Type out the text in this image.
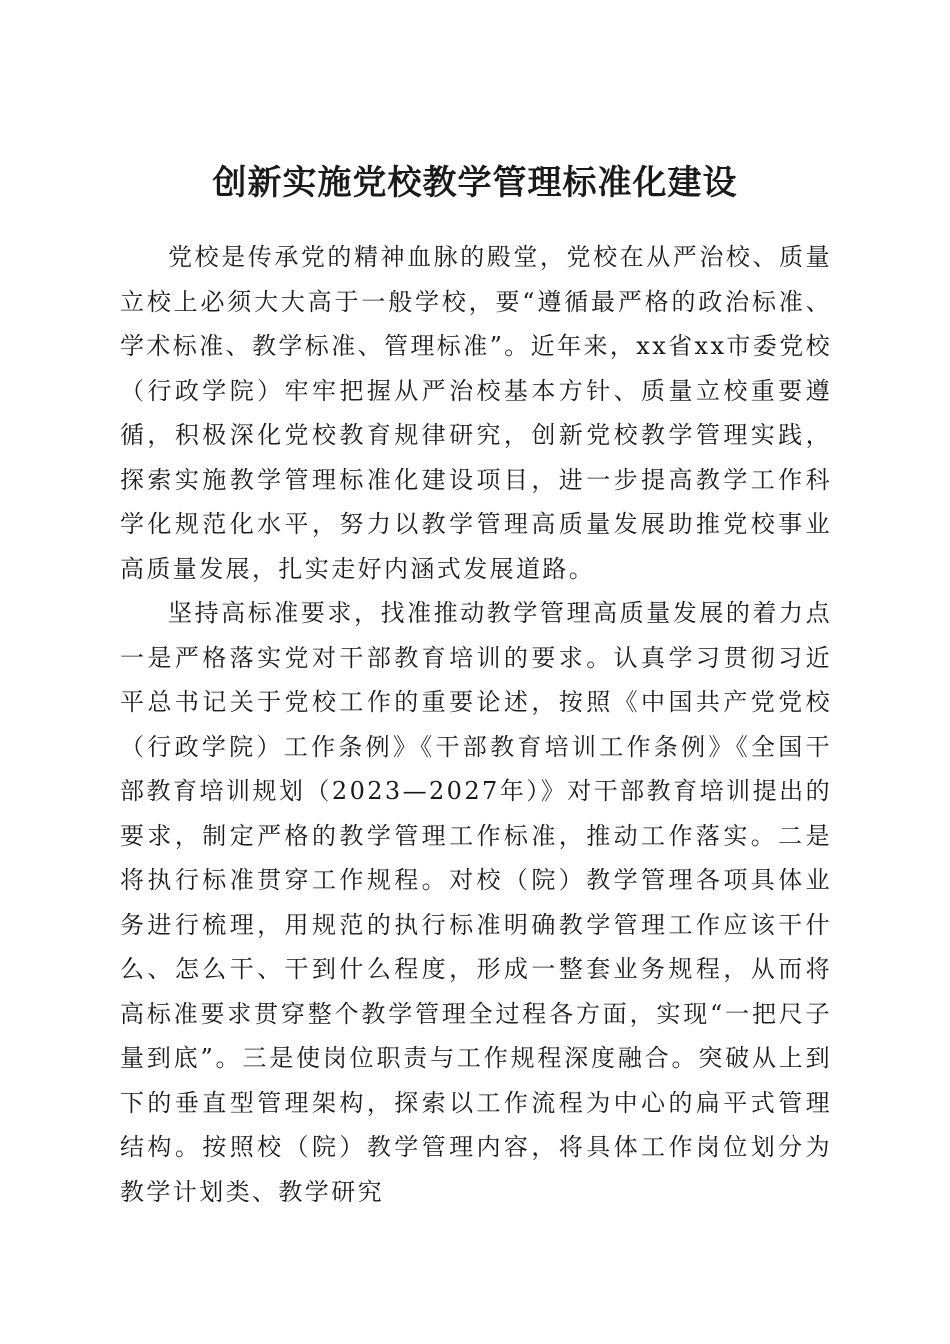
创新实施党校教学管理标准化建设

党校是传承党的精神血脉的殿堂，党校在从严治校、质量立校上必须大大高于一般学校，要“遵循最严格的政治标准、学术标准、教学标准、管理标准”。近年来，xx省xx市委党校（行政学院）牢牢把握从严治校基本方针、质量立校重要遵循，积极深化党校教育规律研究，创新党校教学管理实践，探索实施教学管理标准化建设项目，进一步提高教学工作科学化规范化水平，努力以教学管理高质量发展助推党校事业高质量发展，扎实走好内涵式发展道路。

坚持高标准要求，找准推动教学管理高质量发展的着力点一是严格落实党对干部教育培训的要求。认真学习贯彻习近平总书记关于党校工作的重要论述，按照《中国共产党党校（行政学院）工作条例》《干部教育培训工作条例》《全国干部教育培训规划（2023—2027年）》对干部教育培训提出的要求，制定严格的教学管理工作标准，推动工作落实。二是将执行标准贯穿工作规程。对校（院）教学管理各项具体业务进行梳理，用规范的执行标准明确教学管理工作应该干什么、怎么干、干到什么程度，形成一整套业务规程，从而将高标准要求贯穿整个教学管理全过程各方面，实现“一把尺子量到底”。三是使岗位职责与工作规程深度融合。突破从上到下的垂直型管理架构，探索以工作流程为中心的扁平式管理结构。按照校（院）教学管理内容，将具体工作岗位划分为教学计划类、教学研究
